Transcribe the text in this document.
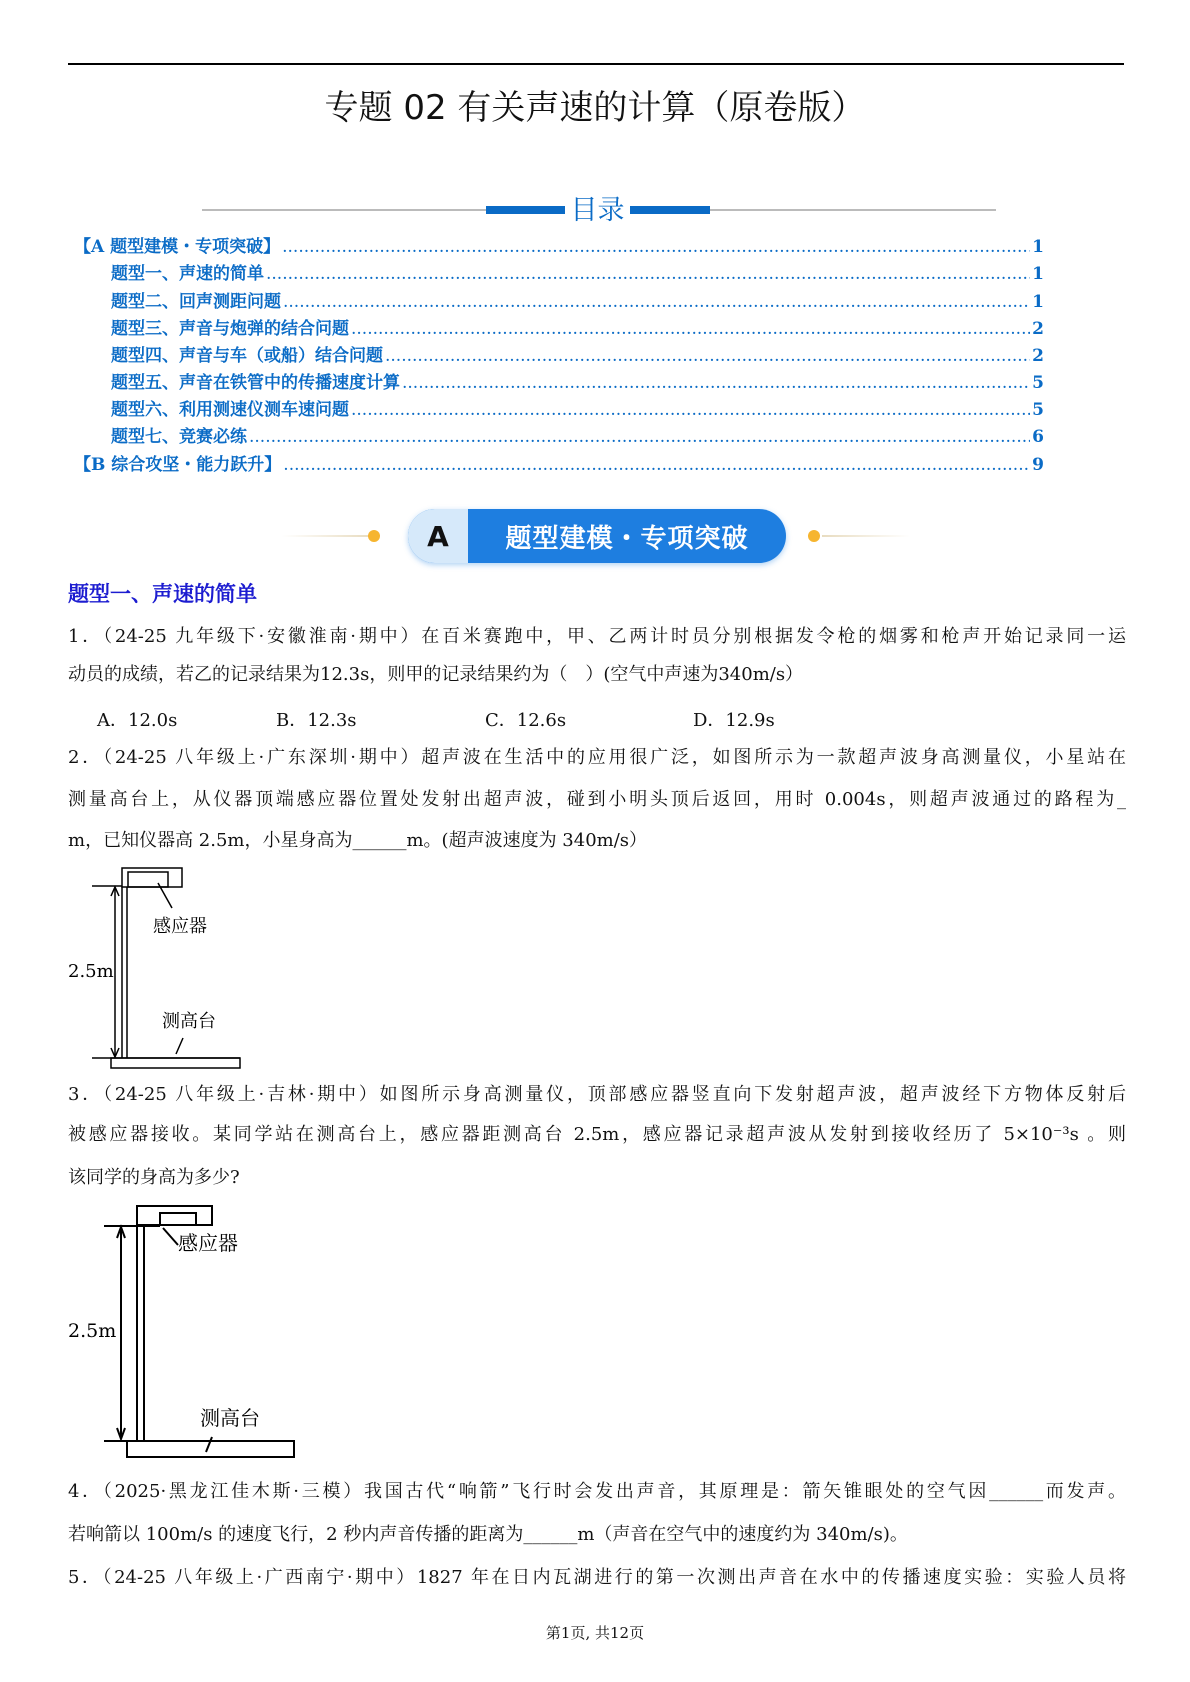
专题 02 有关声速的计算（原卷版）
目录
【A 题型建模・专项突破】 .....	1
题型一、声速的简单 .....	1
题型二、回声测距问题 .....	1
题型三、声音与炮弹的结合问题 .....	2
题型四、声音与车（或船）结合问题 .....	2
题型五、声音在铁管中的传播速度计算 .....	5
题型六、利用测速仪测车速问题 .....	5
题型七、竞赛必练 .....	6
【B 综合攻坚・能力跃升】 .....	9
A	题型建模・专项突破
题型一、声速的简单
1．（24-25 九年级下·安徽淮南·期中）在百米赛跑中，甲、乙两计时员分别根据发令枪的烟雾和枪声开始记录同一运
动员的成绩，若乙的记录结果为12.3s，则甲的记录结果约为（　）(空气中声速为340m/s）
A．12.0s	B．12.3s	C．12.6s	D．12.9s
2．（24-25 八年级上·广东深圳·期中）超声波在生活中的应用很广泛，如图所示为一款超声波身高测量仪，小星站在
测量高台上，从仪器顶端感应器位置处发射出超声波，碰到小明头顶后返回，用时 0.004s，则超声波通过的路程为_
m，已知仪器高 2.5m，小星身高为______m。(超声波速度为 340m/s）
感应器
2.5m
测高台
感应器
2.5m
测高台
3．（24-25 八年级上·吉林·期中）如图所示身高测量仪，顶部感应器竖直向下发射超声波，超声波经下方物体反射后
被感应器接收。某同学站在测高台上，感应器距测高台 2.5m，感应器记录超声波从发射到接收经历了 5×10⁻³s 。则
该同学的身高为多少?
4．（2025·黑龙江佳木斯·三模）我国古代“响箭”飞行时会发出声音，其原理是：箭矢锥眼处的空气因______而发声。
若响箭以 100m/s 的速度飞行，2 秒内声音传播的距离为______m（声音在空气中的速度约为 340m/s)。
5．（24-25 八年级上·广西南宁·期中）1827 年在日内瓦湖进行的第一次测出声音在水中的传播速度实验：实验人员将
第1页, 共12页
